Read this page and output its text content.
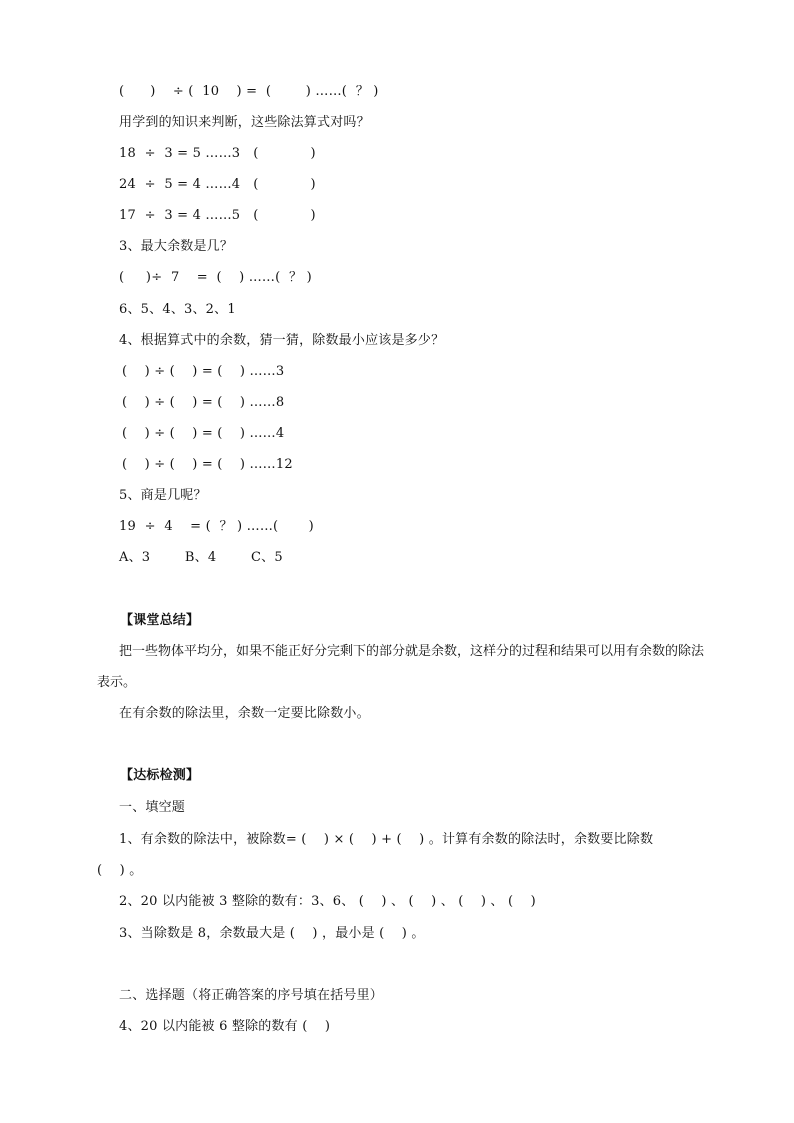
(      )    ÷ (  10    ) =  (        ) ……(  ？ )
用学到的知识来判断，这些除法算式对吗？
18  ÷  3 = 5 ……3   (            )
24  ÷  5 = 4 ……4   (            )
17  ÷  3 = 4 ……5   (            )
3、最大余数是几？
(     )÷  7    =  (    ) ……(  ？ )
6、5、4、3、2、1
4、根据算式中的余数，猜一猜，除数最小应该是多少？
(    ) ÷ (    ) = (    ) ……3
(    ) ÷ (    ) = (    ) ……8
(    ) ÷ (    ) = (    ) ……4
(    ) ÷ (    ) = (    ) ……12
5、商是几呢？
19  ÷  4    = (  ？ ) ……(       )
A、3        B、4        C、5
【课堂总结】
把一些物体平均分，如果不能正好分完剩下的部分就是余数，这样分的过程和结果可以用有余数的除法表示。
在有余数的除法里，余数一定要比除数小。
【达标检测】
一、填空题
1、有余数的除法中，被除数= (    ) × (    ) + (    ) 。计算有余数的除法时，余数要比除数
(    ) 。
2、20 以内能被 3 整除的数有：3、6、 (    ) 、 (    ) 、 (    ) 、 (    )
3、当除数是 8，余数最大是 (    ) ，最小是 (    ) 。
二、选择题（将正确答案的序号填在括号里）
4、20 以内能被 6 整除的数有 (    )
